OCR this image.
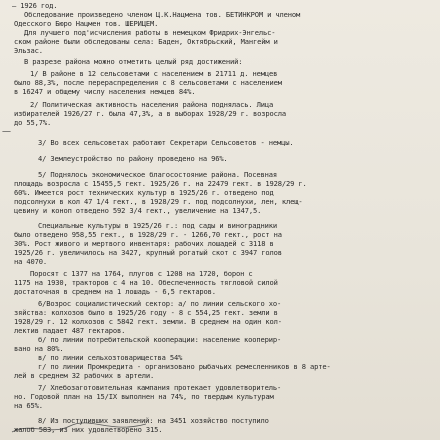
—
— 1926 год.
Обследование произведено членом Ц.К.Нацмена тов. БЕТИНКРОМ и членом
Одесского Бюро Нацмен тов. ШЕРИЦЕМ.
Для лучшего под'исчисления работы в немецком Фридрих-Энгельс-
ском районе были обследованы села: Баден, Октябрьский, Мангейм и
Эльзас.
В разрезе района можно отметить целый ряд достижений:
1/ В районе в 12 сельсоветами с населением в 21711 д. немцев
было 88,3%, после перераспределения с 8 сельсоветами с населением
в 16247 и общему числу населения немцев 84%.
2/ Политическая активность населения района поднялась. Лица
избирателей 1926/27 г. была 47,3%, а в выборах 1928/29 г. возросла
до 55,7%.
3/ Во всех сельсоветах работают Секретари Сельсоветов - немцы.
4/ Землеустройство по району проведено на 96%.
5/ Поднялось экономическое благосостояние района. Посевная
площадь возросла с 15455,5 гект. 1925/26 г. на 22479 гект. в 1928/29 г.
60%. Имеется рост технических культур в 1925/26 г. отведено под
подсолнухи в кол 47 1/4 гект., в 1928/29 г. под подсолнухи, лен, клещ-
цевину и коноп отведено 592 3/4 гект., увеличение на 1347,5.
Специальные культуры в 1925/26 г.: под сады и виноградники
было отведено 958,55 гект., в 1928/29 г. - 1266,70 гект., рост на
30%. Рост живого и мертвого инвентаря: рабочих лошадей с 3118 в
1925/26 г. увеличилось на 3427, крупный рогатый скот с 3947 голов
на 4070.
Поросят с 1377 на 1764, плугов с 1208 на 1720, борон с
1175 на 1930, тракторов с 4 на 10. Обеспеченность тягловой силой
достаточная в среднем на 1 лошадь - 6,5 гектаров.
6/Возрос социалистический сектор: а/ по линии сельского хо-
зяйства: колхозов было в 1925/26 году - 8 с 554,25 гект. земли в
1928/29 г. 12 колхозов с 5842 гект. земли. В среднем на один кол-
лектив падает 487 гектаров.
б/ по линии потребительской кооперации: население кооперир-
вано на 80%.
в/ по линии сельхозтоварищества 54%
г/ по линии Промкредита - организовано рыбачьих ремесленников в 8 арте-
лей в среднем 32 рабочих в артели.
7/ Хлебозаготовительная кампания протекает удовлетворитель-
но. Годовой план на 15/IX выполнен на 74%, по твердым культурам
на 65%.
8/ Из поступивших заявлений: на 3451 хозяйство поступило
жалоб 583, из них удовлетворено 315.
